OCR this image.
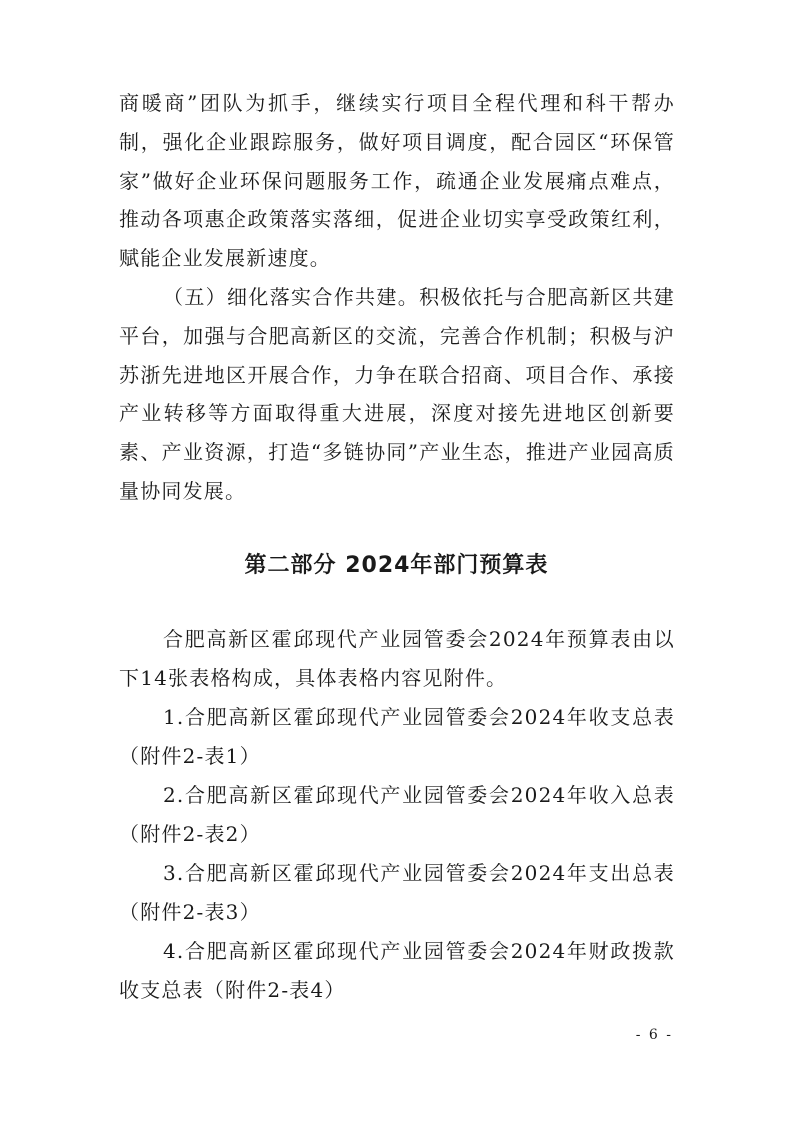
商暖商”团队为抓手，继续实行项目全程代理和科干帮办制，强化企业跟踪服务，做好项目调度，配合园区“环保管家”做好企业环保问题服务工作，疏通企业发展痛点难点，推动各项惠企政策落实落细，促进企业切实享受政策红利，赋能企业发展新速度。

（五）细化落实合作共建。积极依托与合肥高新区共建平台，加强与合肥高新区的交流，完善合作机制；积极与沪苏浙先进地区开展合作，力争在联合招商、项目合作、承接产业转移等方面取得重大进展，深度对接先进地区创新要素、产业资源，打造“多链协同”产业生态，推进产业园高质量协同发展。

第二部分 2024年部门预算表

合肥高新区霍邱现代产业园管委会2024年预算表由以下14张表格构成，具体表格内容见附件。

1.合肥高新区霍邱现代产业园管委会2024年收支总表（附件2-表1）

2.合肥高新区霍邱现代产业园管委会2024年收入总表（附件2-表2）

3.合肥高新区霍邱现代产业园管委会2024年支出总表（附件2-表3）

4.合肥高新区霍邱现代产业园管委会2024年财政拨款收支总表（附件2-表4）

- 6 -
